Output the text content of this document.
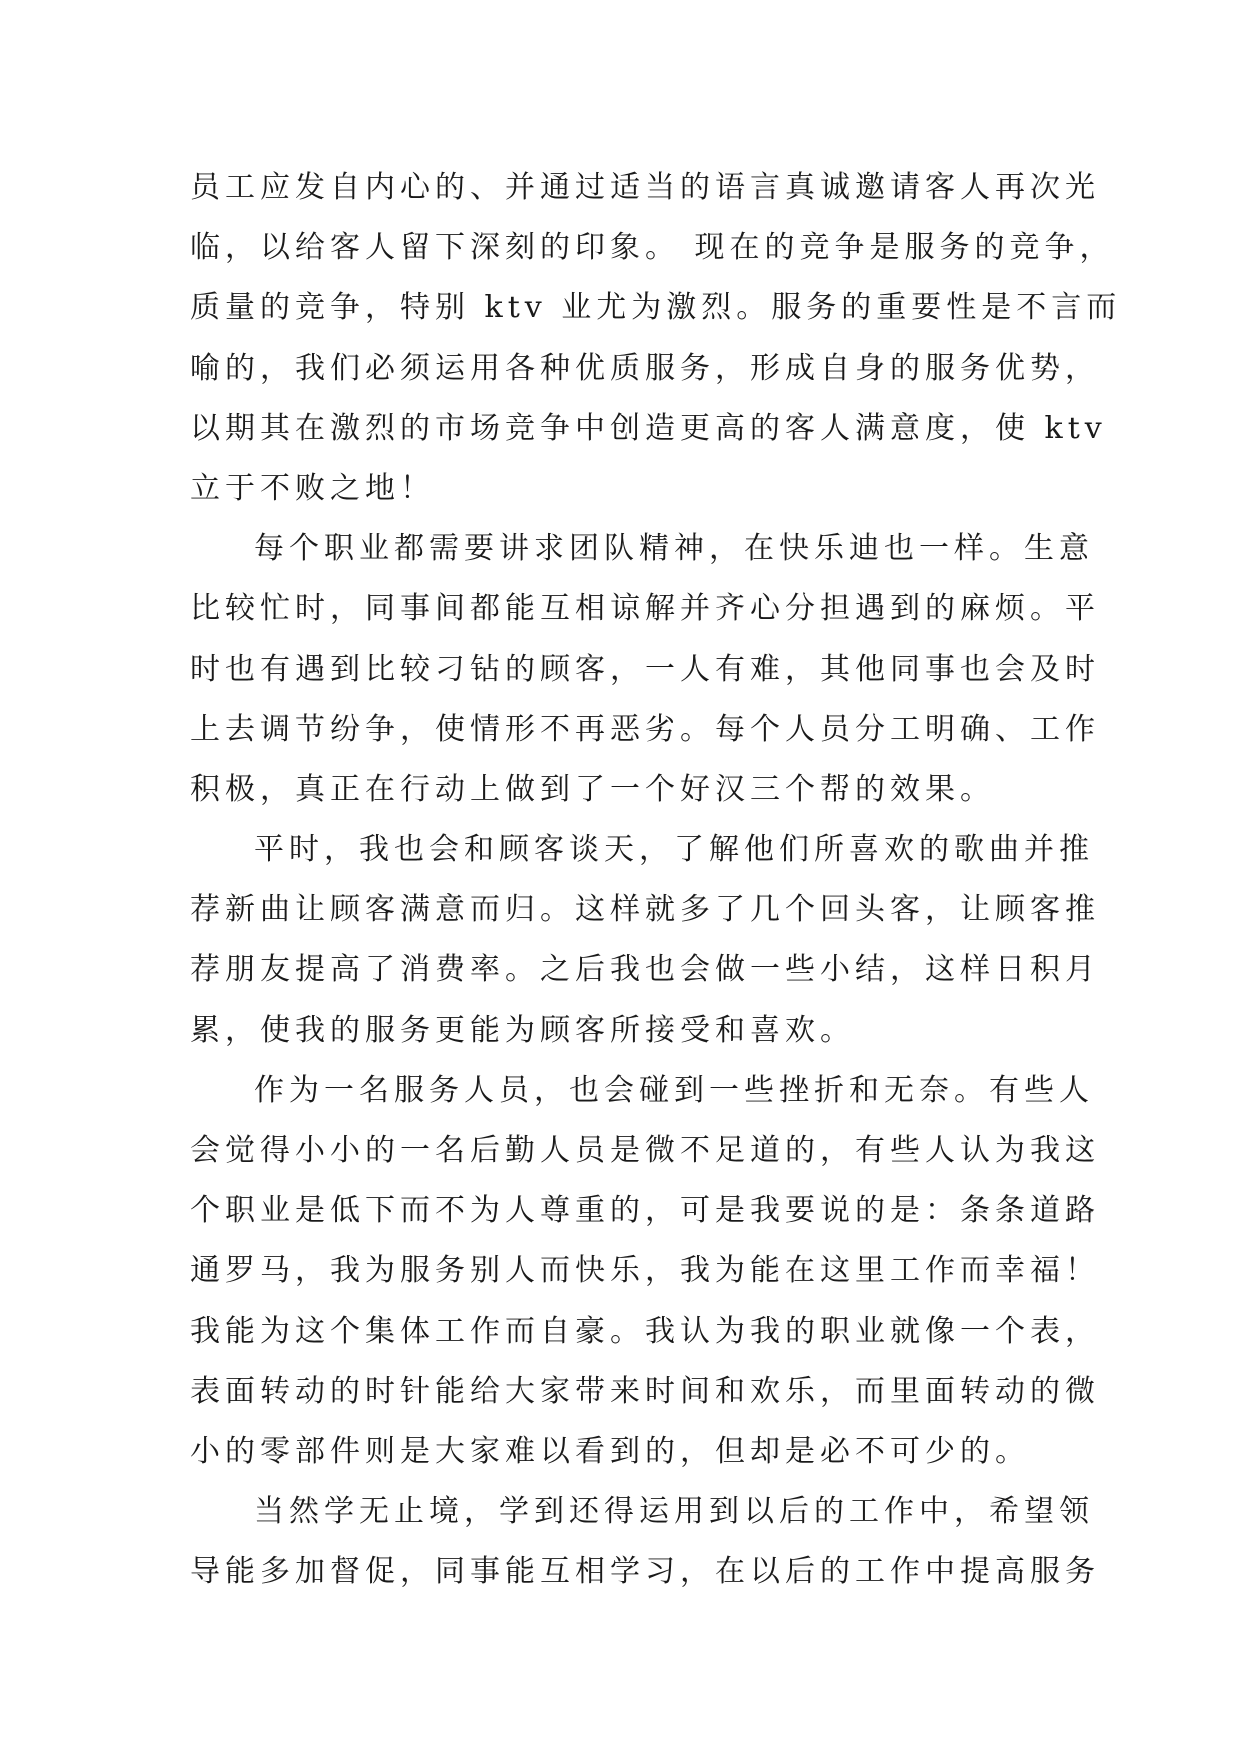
员工应发自内心的、并通过适当的语言真诚邀请客人再次光
临，以给客人留下深刻的印象。 现在的竞争是服务的竞争，
质量的竞争，特别 ktv 业尤为激烈。服务的重要性是不言而
喻的，我们必须运用各种优质服务，形成自身的服务优势，
以期其在激烈的市场竞争中创造更高的客人满意度，使 ktv
立于不败之地！
每个职业都需要讲求团队精神，在快乐迪也一样。生意
比较忙时，同事间都能互相谅解并齐心分担遇到的麻烦。平
时也有遇到比较刁钻的顾客，一人有难，其他同事也会及时
上去调节纷争，使情形不再恶劣。每个人员分工明确、工作
积极，真正在行动上做到了一个好汉三个帮的效果。
平时，我也会和顾客谈天，了解他们所喜欢的歌曲并推
荐新曲让顾客满意而归。这样就多了几个回头客，让顾客推
荐朋友提高了消费率。之后我也会做一些小结，这样日积月
累，使我的服务更能为顾客所接受和喜欢。
作为一名服务人员，也会碰到一些挫折和无奈。有些人
会觉得小小的一名后勤人员是微不足道的，有些人认为我这
个职业是低下而不为人尊重的，可是我要说的是：条条道路
通罗马，我为服务别人而快乐，我为能在这里工作而幸福！
我能为这个集体工作而自豪。我认为我的职业就像一个表，
表面转动的时针能给大家带来时间和欢乐，而里面转动的微
小的零部件则是大家难以看到的，但却是必不可少的。
当然学无止境，学到还得运用到以后的工作中，希望领
导能多加督促，同事能互相学习，在以后的工作中提高服务
